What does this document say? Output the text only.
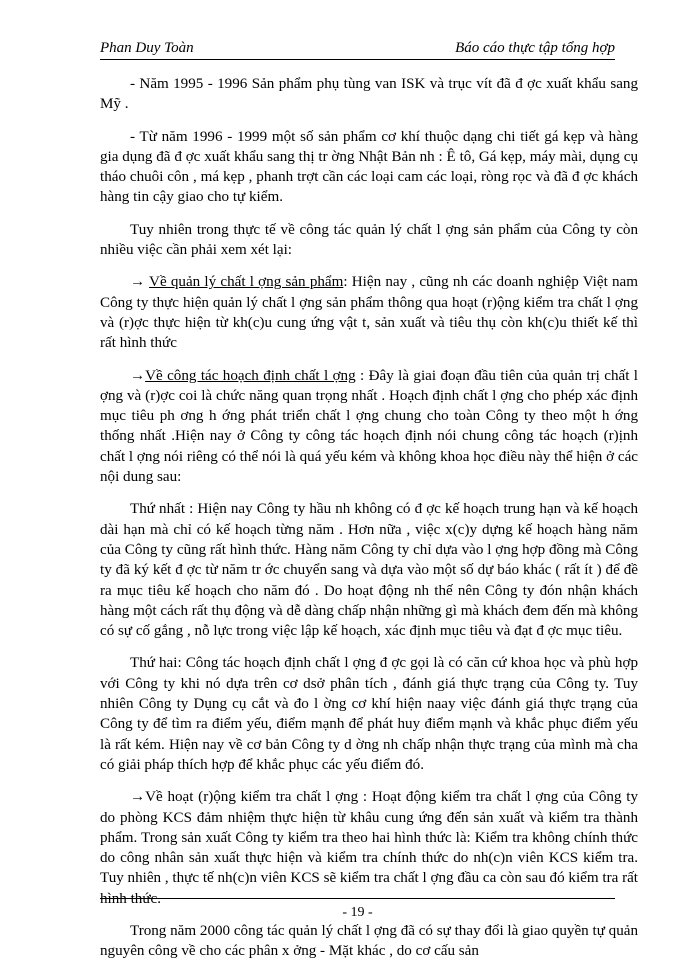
Phan Duy Toàn	Báo cáo thực tập tổng hợp

- Năm 1995 - 1996 Sản phẩm phụ tùng van ISK và trục vít đã đ ợc xuất khẩu sang Mỹ .

- Từ năm 1996 - 1999 một số sản phẩm cơ khí thuộc dạng chi tiết gá kẹp và hàng gia dụng đã đ ợc xuất khẩu sang thị tr ờng Nhật Bản nh : Ê tô, Gá kẹp, máy mài, dụng cụ tháo chuôi côn , má kẹp , phanh trợt cần các loại cam các loại, ròng rọc và đã đ ợc khách hàng tin cậy giao cho tự kiểm.

Tuy nhiên trong thực tế về công tác quản lý chất l ợng sản phẩm của Công ty còn nhiều việc cần phải xem xét lại:

→ Về quản lý chất l ợng sản phẩm: Hiện nay , cũng nh các doanh nghiệp Việt nam Công ty thực hiện quản lý chất l ợng sản phẩm thông qua hoạt (r)ộng kiểm tra chất l ợng và (r)ợc thực hiện từ kh(c)u cung ứng vật t, sản xuất và tiêu thụ còn kh(c)u thiết kế thì rất hình thức

→Về công tác hoạch định chất l ợng : Đây là giai đoạn đầu tiên của quản trị chất l ợng và (r)ợc coi là chức năng quan trọng nhất . Hoạch định chất l ợng cho phép xác định mục tiêu ph ơng h ớng phát triển chất l ợng chung cho toàn Công ty theo một h ớng thống nhất .Hiện nay ở Công ty công tác hoạch định nói chung công tác hoạch (r)ịnh chất l ợng nói riêng có thể nói là quá yếu kém và không khoa học điều này thể hiện ở các nội dung sau:

Thứ nhất : Hiện nay Công ty hầu nh không có đ ợc kế hoạch trung hạn và kế hoạch dài hạn mà chỉ có kế hoạch từng năm . Hơn nữa , việc x(c)y dựng kế hoạch hàng năm của Công ty cũng rất hình thức. Hàng năm Công ty chỉ dựa vào l ợng hợp đồng mà Công ty đã ký kết đ ợc từ năm tr ớc chuyển sang và dựa vào một số dự báo khác ( rất ít ) để đề ra mục tiêu kế hoạch cho năm đó . Do hoạt động nh thế nên Công ty đón nhận khách hàng một cách rất thụ động và dễ dàng chấp nhận những gì mà khách đem đến mà không có sự cố gắng , nỗ lực trong việc lập kế hoạch, xác định mục tiêu và đạt đ ợc mục tiêu.

Thứ hai: Công tác hoạch định chất l ợng đ ợc gọi là có căn cứ khoa học và phù hợp với Công ty khi nó dựa trên cơ dsở phân tích , đánh giá thực trạng của Công ty. Tuy nhiên Công ty Dụng cụ cắt và đo l ờng cơ khí hiện naay việc đánh giá thực trạng của Công ty để tìm ra điểm yếu, điểm mạnh để phát huy điểm mạnh và khắc phục điểm yếu là rất kém. Hiện nay về cơ bản Công ty d ờng nh chấp nhận thực trạng của mình mà cha có giải pháp thích hợp để khắc phục các yếu điểm đó.

→Về hoạt (r)ộng kiểm tra chất l ợng : Hoạt động kiểm tra chất l ợng của Công ty do phòng KCS đảm nhiệm thực hiện từ khâu cung ứng đến sản xuất và kiểm tra thành phẩm. Trong sản xuất Công ty kiểm tra theo hai hình thức là: Kiểm tra không chính thức do công nhân sản xuất thực hiện và kiểm tra chính thức do nh(c)n viên KCS kiểm tra. Tuy nhiên , thực tế nh(c)n viên KCS sẽ kiểm tra chất l ợng đầu ca còn sau đó kiểm tra rất hình thức.

Trong năm 2000 công tác quản lý chất l ợng đã có sự thay đổi là giao quyền tự quản nguyên công về cho các phân x ởng - Mặt khác , do cơ cấu sản

- 19 -
